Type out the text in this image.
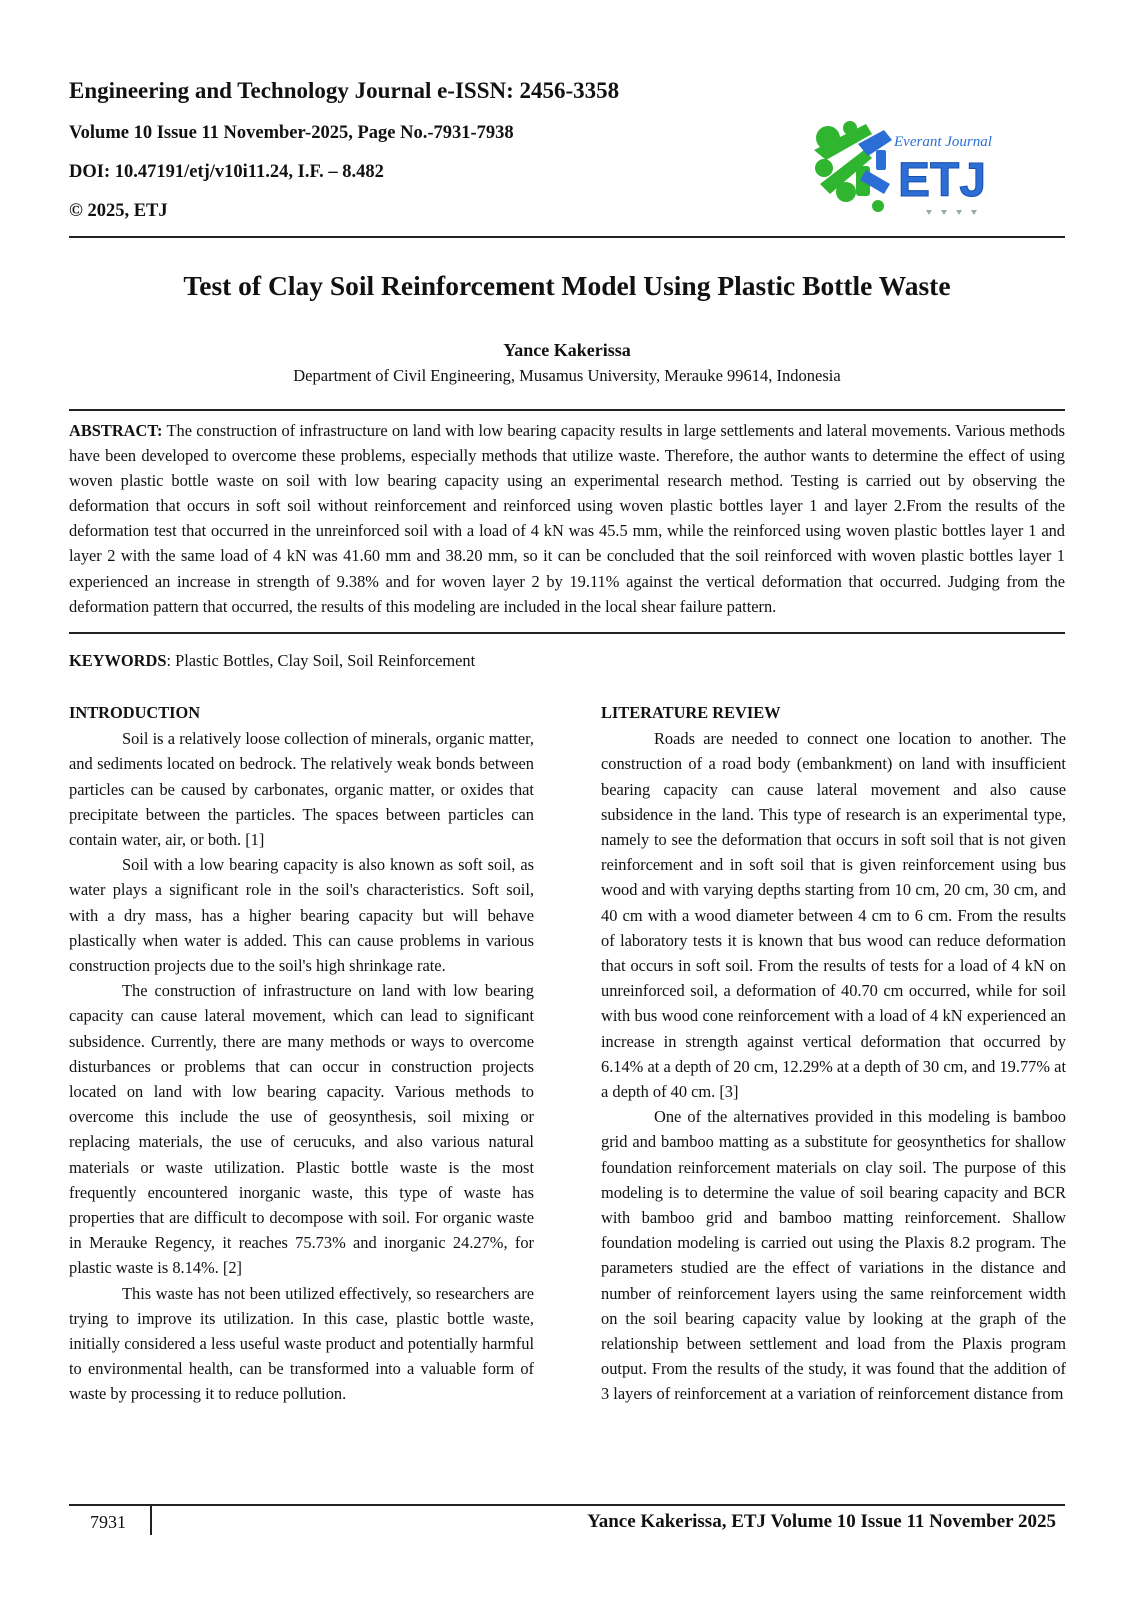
Engineering and Technology Journal e-ISSN: 2456-3358
Volume 10 Issue 11 November-2025, Page No.-7931-7938
DOI: 10.47191/etj/v10i11.24, I.F. – 8.482
© 2025, ETJ
Everant Journal
ETJ
Test of Clay Soil Reinforcement Model Using Plastic Bottle Waste
Yance Kakerissa
Department of Civil Engineering, Musamus University, Merauke 99614, Indonesia

ABSTRACT: The construction of infrastructure on land with low bearing capacity results in large settlements and lateral movements. Various methods have been developed to overcome these problems, especially methods that utilize waste. Therefore, the author wants to determine the effect of using woven plastic bottle waste on soil with low bearing capacity using an experimental research method. Testing is carried out by observing the deformation that occurs in soft soil without reinforcement and reinforced using woven plastic bottles layer 1 and layer 2.From the results of the deformation test that occurred in the unreinforced soil with a load of 4 kN was 45.5 mm, while the reinforced using woven plastic bottles layer 1 and layer 2 with the same load of 4 kN was 41.60 mm and 38.20 mm, so it can be concluded that the soil reinforced with woven plastic bottles layer 1 experienced an increase in strength of 9.38% and for woven layer 2 by 19.11% against the vertical deformation that occurred. Judging from the deformation pattern that occurred, the results of this modeling are included in the local shear failure pattern.

KEYWORDS: Plastic Bottles, Clay Soil, Soil Reinforcement

INTRODUCTION

Soil is a relatively loose collection of minerals, organic matter, and sediments located on bedrock. The relatively weak bonds between particles can be caused by carbonates, organic matter, or oxides that precipitate between the particles. The spaces between particles can contain water, air, or both. [1]

Soil with a low bearing capacity is also known as soft soil, as water plays a significant role in the soil's characteristics. Soft soil, with a dry mass, has a higher bearing capacity but will behave plastically when water is added. This can cause problems in various construction projects due to the soil's high shrinkage rate.

The construction of infrastructure on land with low bearing capacity can cause lateral movement, which can lead to significant subsidence. Currently, there are many methods or ways to overcome disturbances or problems that can occur in construction projects located on land with low bearing capacity. Various methods to overcome this include the use of geosynthesis, soil mixing or replacing materials, the use of cerucuks, and also various natural materials or waste utilization. Plastic bottle waste is the most frequently encountered inorganic waste, this type of waste has properties that are difficult to decompose with soil. For organic waste in Merauke Regency, it reaches 75.73% and inorganic 24.27%, for plastic waste is 8.14%. [2]

This waste has not been utilized effectively, so researchers are trying to improve its utilization. In this case, plastic bottle waste, initially considered a less useful waste product and potentially harmful to environmental health, can be transformed into a valuable form of waste by processing it to reduce pollution.

LITERATURE REVIEW

Roads are needed to connect one location to another. The construction of a road body (embankment) on land with insufficient bearing capacity can cause lateral movement and also cause subsidence in the land. This type of research is an experimental type, namely to see the deformation that occurs in soft soil that is not given reinforcement and in soft soil that is given reinforcement using bus wood and with varying depths starting from 10 cm, 20 cm, 30 cm, and 40 cm with a wood diameter between 4 cm to 6 cm. From the results of laboratory tests it is known that bus wood can reduce deformation that occurs in soft soil. From the results of tests for a load of 4 kN on unreinforced soil, a deformation of 40.70 cm occurred, while for soil with bus wood cone reinforcement with a load of 4 kN experienced an increase in strength against vertical deformation that occurred by 6.14% at a depth of 20 cm, 12.29% at a depth of 30 cm, and 19.77% at a depth of 40 cm. [3]

One of the alternatives provided in this modeling is bamboo grid and bamboo matting as a substitute for geosynthetics for shallow foundation reinforcement materials on clay soil. The purpose of this modeling is to determine the value of soil bearing capacity and BCR with bamboo grid and bamboo matting reinforcement. Shallow foundation modeling is carried out using the Plaxis 8.2 program. The parameters studied are the effect of variations in the distance and number of reinforcement layers using the same reinforcement width on the soil bearing capacity value by looking at the graph of the relationship between settlement and load from the Plaxis program output. From the results of the study, it was found that the addition of 3 layers of reinforcement at a variation of reinforcement distance from

7931	Yance Kakerissa, ETJ Volume 10 Issue 11 November 2025
